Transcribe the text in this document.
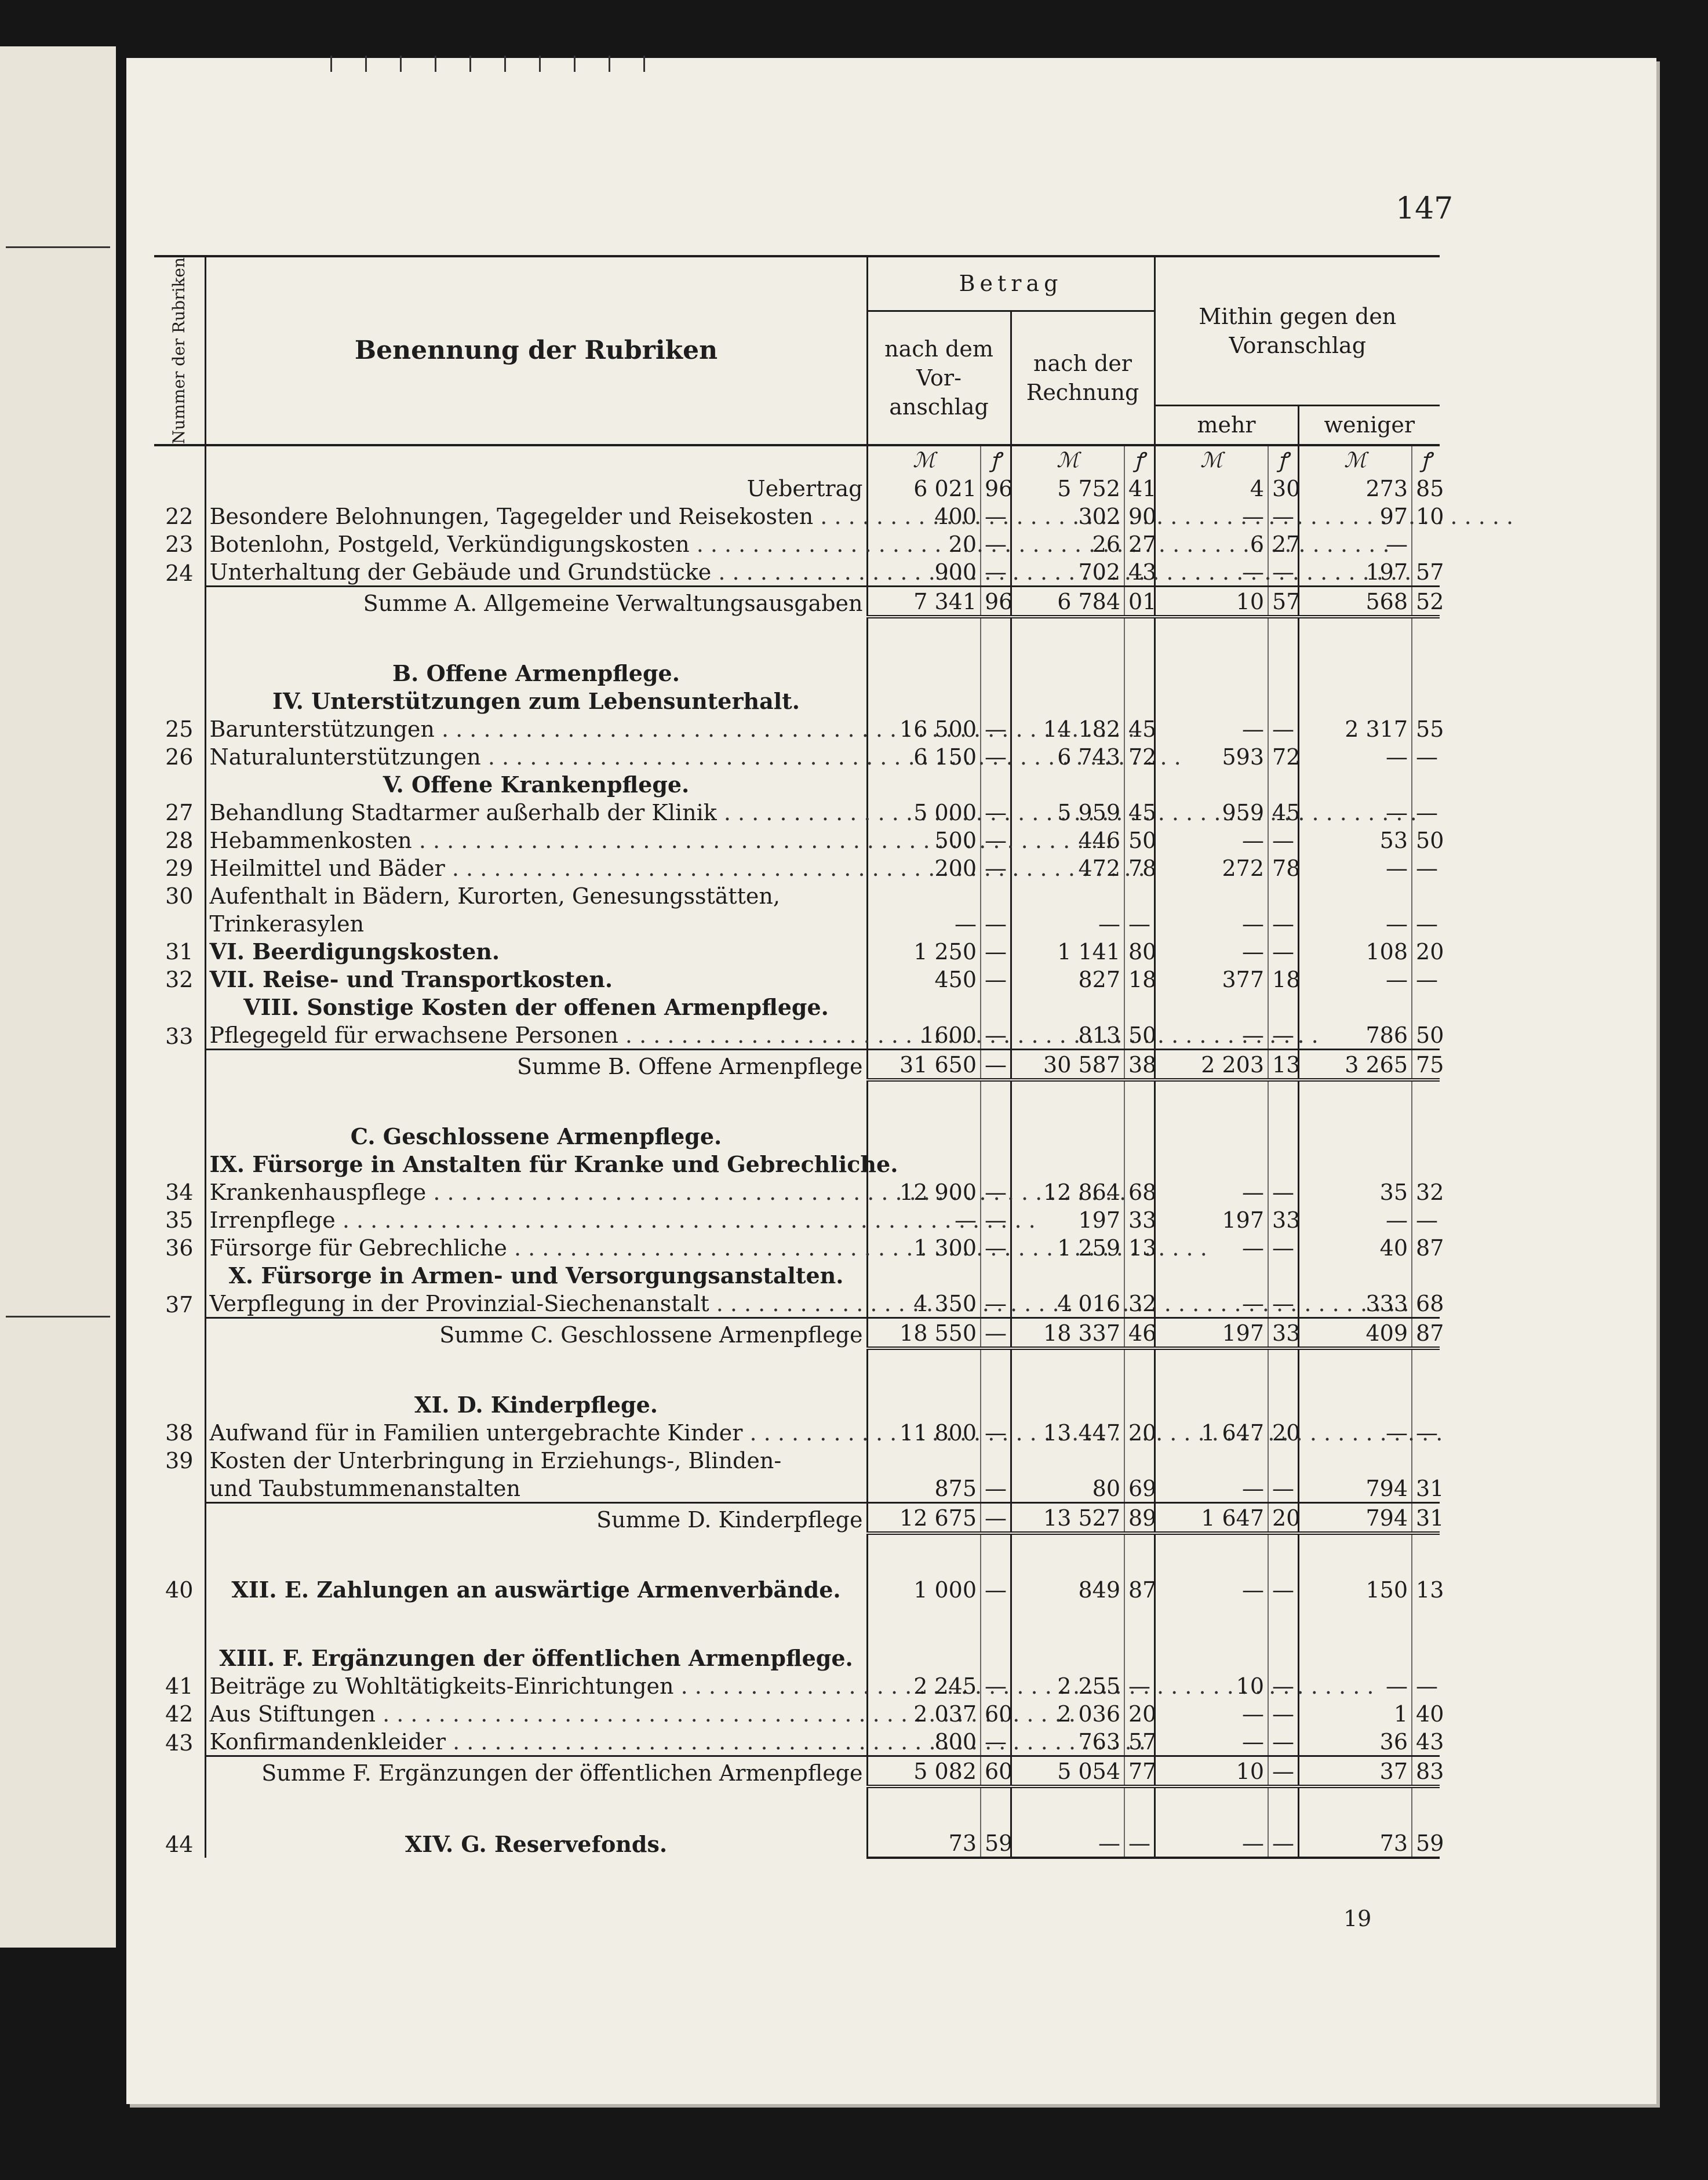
147
Nummer der Rubriken	Benennung der Rubriken	Betrag				Mithin gegen den Voranschlag			
		nach dem Vor- anschlag		nach der Rechnung					
						mehr		weniger	
		ℳ	ꝭ	ℳ	ꝭ	ℳ	ꝭ	ℳ	ꝭ
	Uebertrag	6 021	96	5 752	41	4	30	273	85
22	Besondere Belohnungen, Tagegelder und Reisekosten . . .	400	—	302	90	—	—	97	10
23	Botenlohn, Postgeld, Verkündigungskosten . . .	20	—	26	27	6	27	—	
24	Unterhaltung der Gebäude und Grundstücke . . .	900	—	702	43	—	—	197	57
	Summe A. Allgemeine Verwaltungsausgaben	7 341	96	6 784	01	10	57	568	52

	B. Offene Armenpflege.								
	IV. Unterstützungen zum Lebensunterhalt.								
25	Barunterstützungen . . .	16 500	—	14 182	45	—	—	2 317	55
26	Naturalunterstützungen . . .	6 150	—	6 743	72	593	72	—	—
	V. Offene Krankenpflege.								
27	Behandlung Stadtarmer außerhalb der Klinik . . .	5 000	—	5 959	45	959	45	—	—
28	Hebammenkosten . . .	500	—	446	50	—	—	53	50
29	Heilmittel und Bäder . . .	200	—	472	78	272	78	—	—
30	Aufenthalt in Bädern, Kurorten, Genesungsstätten,								
	Trinkerasylen	—	—	—	—	—	—	—	—
31	VI. Beerdigungskosten.	1 250	—	1 141	80	—	—	108	20
32	VII. Reise- und Transportkosten.	450	—	827	18	377	18	—	—
	VIII. Sonstige Kosten der offenen Armenpflege.								
33	Pflegegeld für erwachsene Personen . . .	1600	—	813	50	—	—	786	50
	Summe B. Offene Armenpflege	31 650	—	30 587	38	2 203	13	3 265	75

	C. Geschlossene Armenpflege.								
	IX. Fürsorge in Anstalten für Kranke und Gebrechliche.								
34	Krankenhauspflege . . .	12 900	—	12 864	68	—	—	35	32
35	Irrenpflege . . .	—	—	197	33	197	33	—	—
36	Fürsorge für Gebrechliche . . .	1 300	—	1 259	13	—	—	40	87
	X. Fürsorge in Armen- und Versorgungsanstalten.								
37	Verpflegung in der Provinzial-Siechenanstalt . . .	4 350	—	4 016	32	—	—	333	68
	Summe C. Geschlossene Armenpflege	18 550	—	18 337	46	197	33	409	87

	XI. D. Kinderpflege.								
38	Aufwand für in Familien untergebrachte Kinder . . .	11 800	—	13 447	20	1 647	20	—	—
39	Kosten der Unterbringung in Erziehungs-, Blinden-								
	und Taubstummenanstalten	875	—	80	69	—	—	794	31
	Summe D. Kinderpflege	12 675	—	13 527	89	1 647	20	794	31

40	XII. E. Zahlungen an auswärtige Armenverbände.	1 000	—	849	87	—	—	150	13

	XIII. F. Ergänzungen der öffentlichen Armenpflege.								
41	Beiträge zu Wohltätigkeits-Einrichtungen . . .	2 245	—	2 255	—	10	—	—	—
42	Aus Stiftungen . . .	2 037	60	2 036	20	—	—	1	40
43	Konfirmandenkleider . . .	800	—	763	57	—	—	36	43
	Summe F. Ergänzungen der öffentlichen Armenpflege	5 082	60	5 054	77	10	—	37	83

44	XIV. G. Reservefonds.	73	59	—	—	—	—	73	59
19
